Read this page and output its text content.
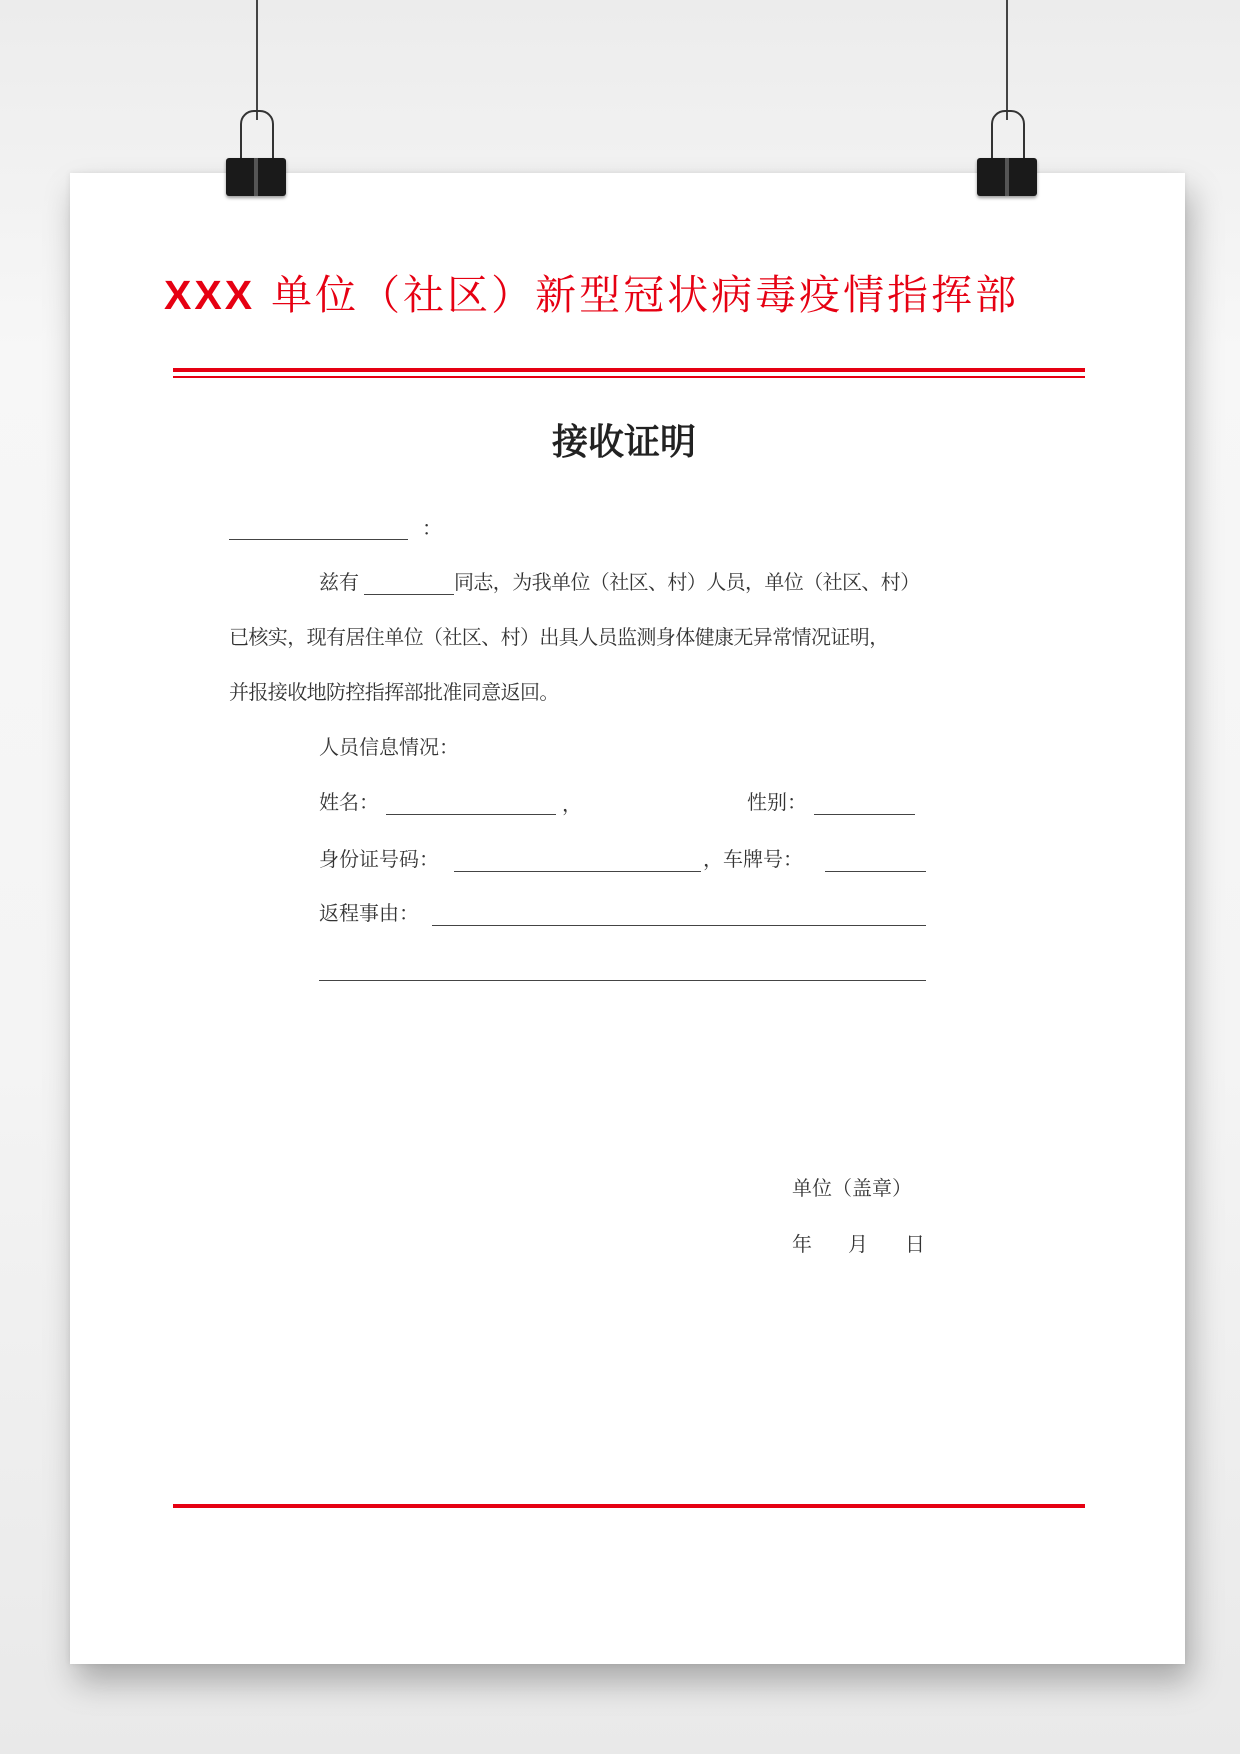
XXX 单位（社区）新型冠状病毒疫情指挥部
接收证明
：
兹有	同志，为我单位（社区、村）人员，单位（社区、村）
已核实，现有居住单位（社区、村）出具人员监测身体健康无异常情况证明，
并报接收地防控指挥部批准同意返回。
人员信息情况：
姓名：	，	性别：
身份证号码：	，车牌号：
返程事由：
单位（盖章）
年 月 日
